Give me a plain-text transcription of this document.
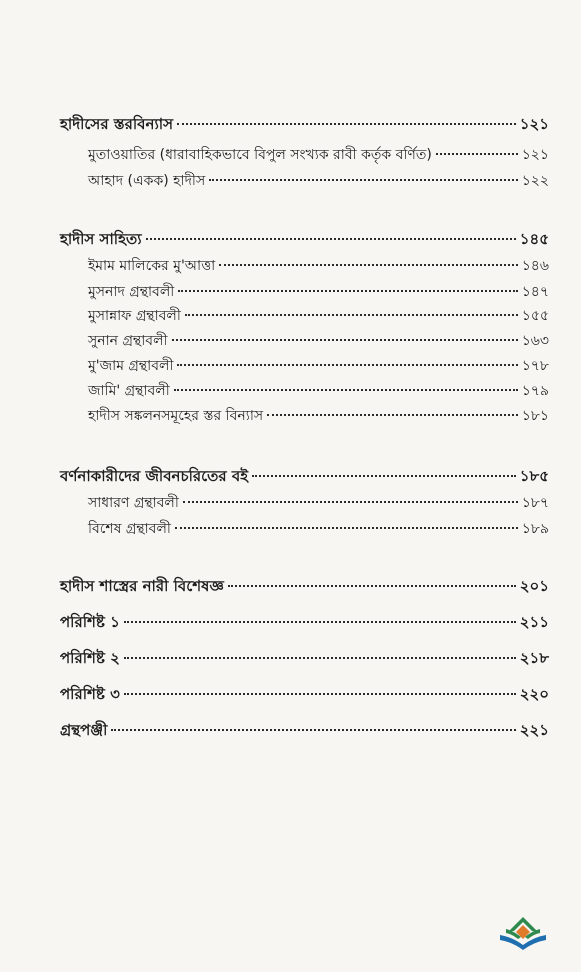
হাদীসের স্তরবিন্যাস	১২১
মুতাওয়াতির (ধারাবাহিকভাবে বিপুল সংখ্যক রাবী কর্তৃক বর্ণিত)	১২১
আহাদ (একক) হাদীস	১২২
হাদীস সাহিত্য	১৪৫
ইমাম মালিকের মু'আত্তা	১৪৬
মুসনাদ গ্রন্থাবলী	১৪৭
মুসান্নাফ গ্রন্থাবলী	১৫৫
সুনান গ্রন্থাবলী	১৬৩
মু'জাম গ্রন্থাবলী	১৭৮
জামি' গ্রন্থাবলী	১৭৯
হাদীস সঙ্কলনসমূহের স্তর বিন্যাস	১৮১
বর্ণনাকারীদের জীবনচরিতের বই	১৮৫
সাধারণ গ্রন্থাবলী	১৮৭
বিশেষ গ্রন্থাবলী	১৮৯
হাদীস শাস্ত্রের নারী বিশেষজ্ঞ	২০১
পরিশিষ্ট ১	২১১
পরিশিষ্ট ২	২১৮
পরিশিষ্ট ৩	২২০
গ্রন্থপঞ্জী	২২১
